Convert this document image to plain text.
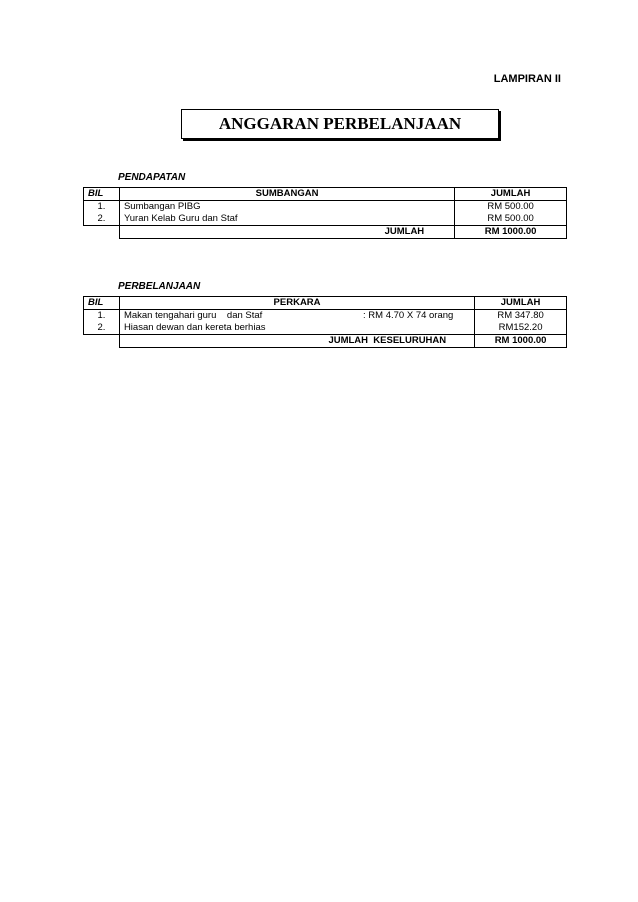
LAMPIRAN II
ANGGARAN PERBELANJAAN
PENDAPATAN
BIL	SUMBANGAN	JUMLAH
1.	Sumbangan PIBG	RM 500.00
2.	Yuran Kelab Guru dan Staf	RM 500.00
	JUMLAH	RM 1000.00
PERBELANJAAN
BIL	PERKARA		JUMLAH
1.	Makan tengahari guru    dan Staf	: RM 4.70 X 74 orang	RM 347.80
2.	Hiasan dewan dan kereta berhias		RM152.20
	JUMLAH  KESELURUHAN		RM 1000.00
